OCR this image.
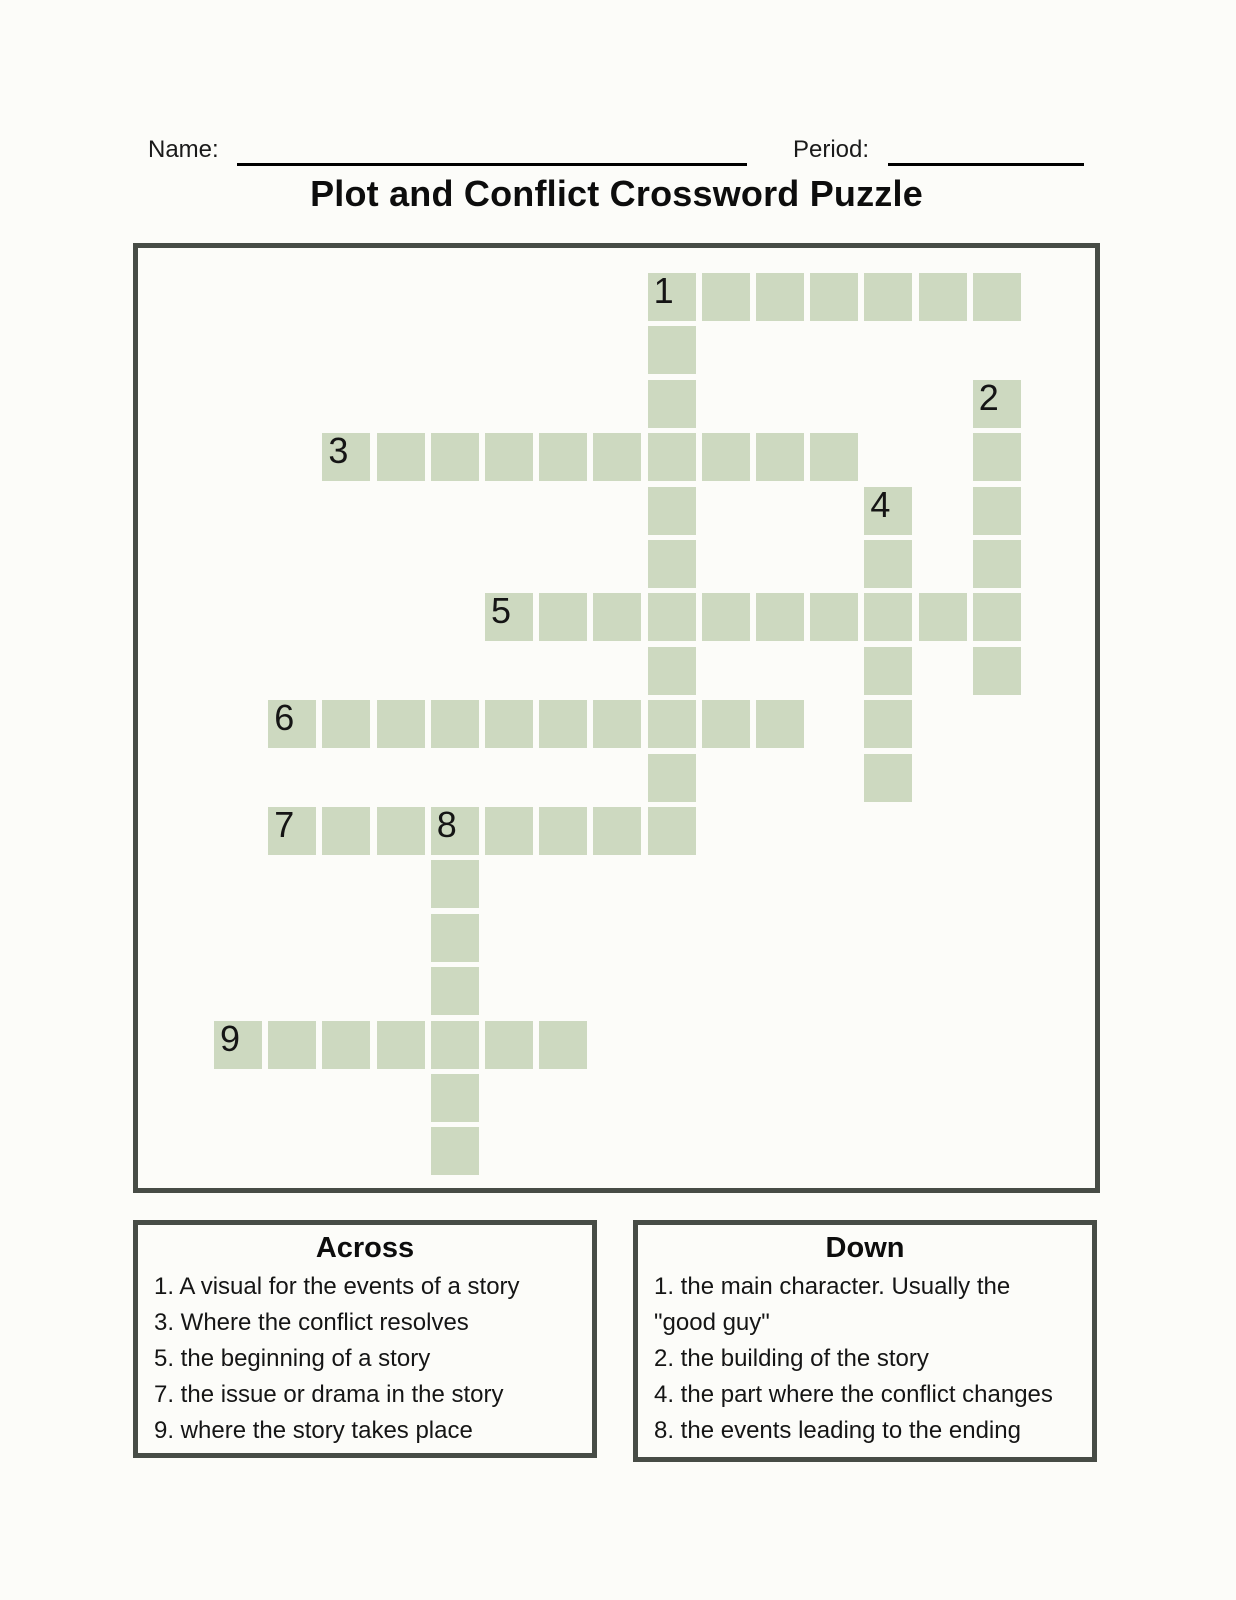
Name:	Period:
Plot and Conflict Crossword Puzzle
1
2
3
4
5
6
7	8
9
Across
1. A visual for the events of a story
3. Where the conflict resolves
5. the beginning of a story
7. the issue or drama in the story
9. where the story takes place
Down
1. the main character. Usually the
"good guy"
2. the building of the story
4. the part where the conflict changes
8. the events leading to the ending
